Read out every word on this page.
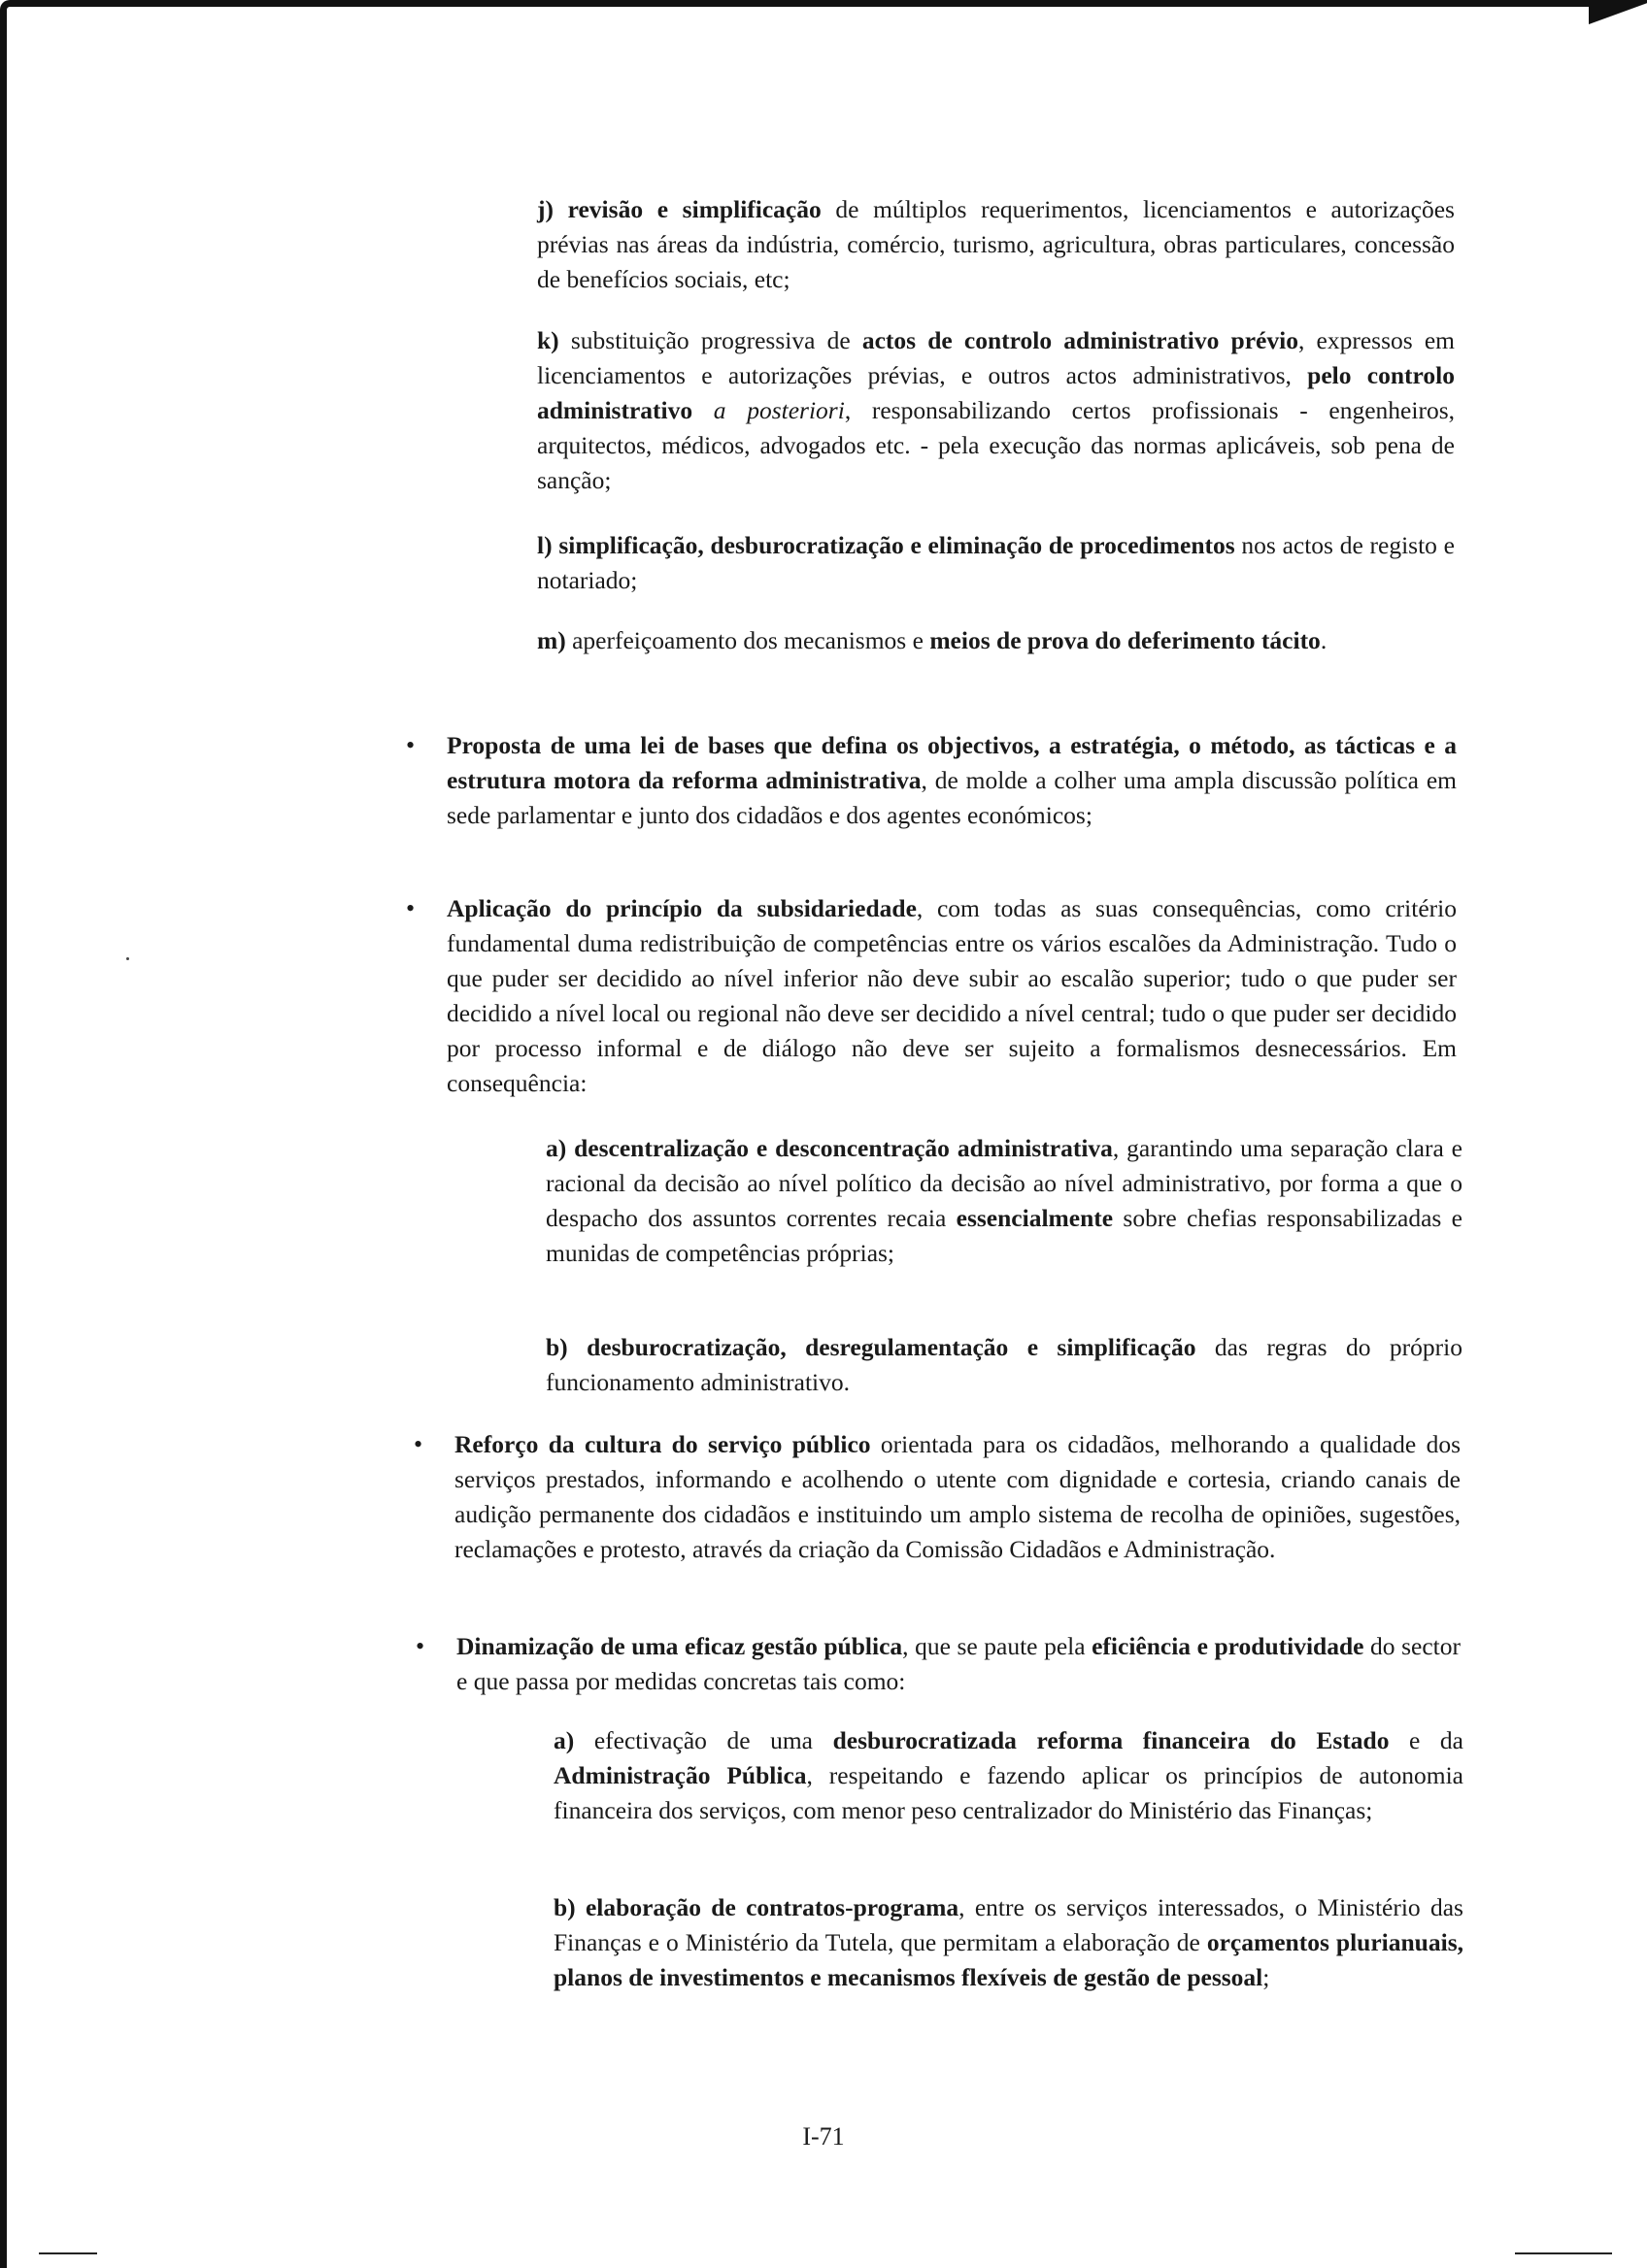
j) revisão e simplificação de múltiplos requerimentos, licenciamentos e autorizações prévias nas áreas da indústria, comércio, turismo, agricultura, obras particulares, concessão de benefícios sociais, etc;

k) substituição progressiva de actos de controlo administrativo prévio, expressos em licenciamentos e autorizações prévias, e outros actos administrativos, pelo controlo administrativo a posteriori, responsabilizando certos profissionais - engenheiros, arquitectos, médicos, advogados etc. - pela execução das normas aplicáveis, sob pena de sanção;

l) simplificação, desburocratização e eliminação de procedimentos nos actos de registo e notariado;

m) aperfeiçoamento dos mecanismos e meios de prova do deferimento tácito.

• Proposta de uma lei de bases que defina os objectivos, a estratégia, o método, as tácticas e a estrutura motora da reforma administrativa, de molde a colher uma ampla discussão política em sede parlamentar e junto dos cidadãos e dos agentes económicos;

• Aplicação do princípio da subsidariedade, com todas as suas consequências, como critério fundamental duma redistribuição de competências entre os vários escalões da Administração. Tudo o que puder ser decidido ao nível inferior não deve subir ao escalão superior; tudo o que puder ser decidido a nível local ou regional não deve ser decidido a nível central; tudo o que puder ser decidido por processo informal e de diálogo não deve ser sujeito a formalismos desnecessários. Em consequência:

a) descentralização e desconcentração administrativa, garantindo uma separação clara e racional da decisão ao nível político da decisão ao nível administrativo, por forma a que o despacho dos assuntos correntes recaia essencialmente sobre chefias responsabilizadas e munidas de competências próprias;

b) desburocratização, desregulamentação e simplificação das regras do próprio funcionamento administrativo.

• Reforço da cultura do serviço público orientada para os cidadãos, melhorando a qualidade dos serviços prestados, informando e acolhendo o utente com dignidade e cortesia, criando canais de audição permanente dos cidadãos e instituindo um amplo sistema de recolha de opiniões, sugestões, reclamações e protesto, através da criação da Comissão Cidadãos e Administração.

• Dinamização de uma eficaz gestão pública, que se paute pela eficiência e produtividade do sector e que passa por medidas concretas tais como:

a) efectivação de uma desburocratizada reforma financeira do Estado e da Administração Pública, respeitando e fazendo aplicar os princípios de autonomia financeira dos serviços, com menor peso centralizador do Ministério das Finanças;

b) elaboração de contratos-programa, entre os serviços interessados, o Ministério das Finanças e o Ministério da Tutela, que permitam a elaboração de orçamentos plurianuais, planos de investimentos e mecanismos flexíveis de gestão de pessoal;

I-71
